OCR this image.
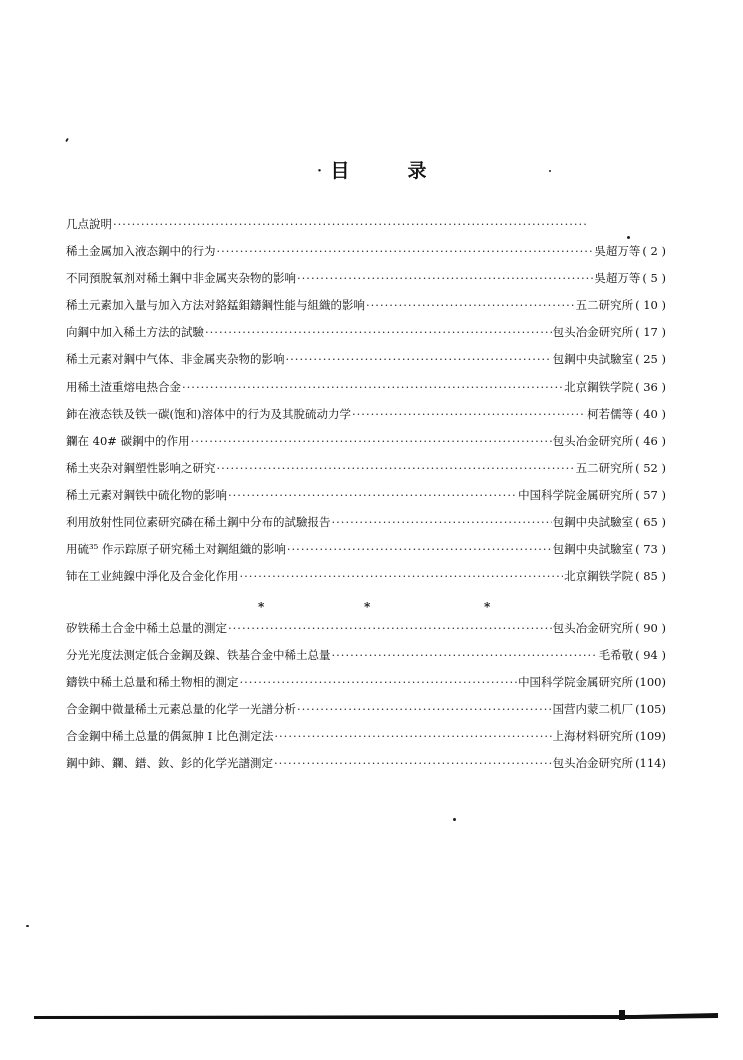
· 目	录
几点說明
·····
稀土金属加入液态鋼中的行为 ·····	吳超万等 ( 2 )
不同預脫氧剂对稀土鋼中非金属夹杂物的影响 ·····	吳超万等 ( 5 )
稀土元素加入量与加入方法对鉻錳鉬鑄鋼性能与組織的影响 ·····	五二研究所 ( 10 )
向鋼中加入稀土方法的試驗 ·····	包头冶金研究所 ( 17 )
稀土元素对鋼中气体、非金属夹杂物的影响 ·····	包鋼中央試驗室 ( 25 )
用稀土渣重熔电热合金 ·····	北京鋼铁学院 ( 36 )
鈰在液态铁及铁一碳(饱和)溶体中的行为及其脫硫动力学 ·····	柯若儒等 ( 40 )
鑭在 40# 碳鋼中的作用 ·····	包头冶金研究所 ( 46 )
稀土夹杂对鋼塑性影响之研究 ·····	五二研究所 ( 52 )
稀土元素对鋼铁中硫化物的影响 ·····	中国科学院金属研究所 ( 57 )
利用放射性同位素研究磷在稀土鋼中分布的試驗报告 ·····	包鋼中央試驗室 ( 65 )
用硫³⁵ 作示踪原子研究稀土对鋼組織的影响 ·····	包鋼中央試驗室 ( 73 )
铈在工业純鎳中淨化及合金化作用 ·····	北京鋼铁学院 ( 85 )
*	*	*
矽铁稀土合金中稀土总量的測定 ·····	包头冶金研究所 ( 90 )
分光光度法测定低合金鋼及鎳、铁基合金中稀土总量 ·····	毛希敬 ( 94 )
鑄铁中稀土总量和稀土物相的測定 ·····	中国科学院金属研究所 (100)
合金鋼中微量稀土元素总量的化学一光譜分析 ·····	国营内蒙二机厂 (105)
合金鋼中稀土总量的偶氮胂 I 比色測定法 ·····	上海材料研究所 (109)
鋼中鈰、鑭、鐠、釹、釤的化学光譜測定 ·····	包头冶金研究所 (114)
